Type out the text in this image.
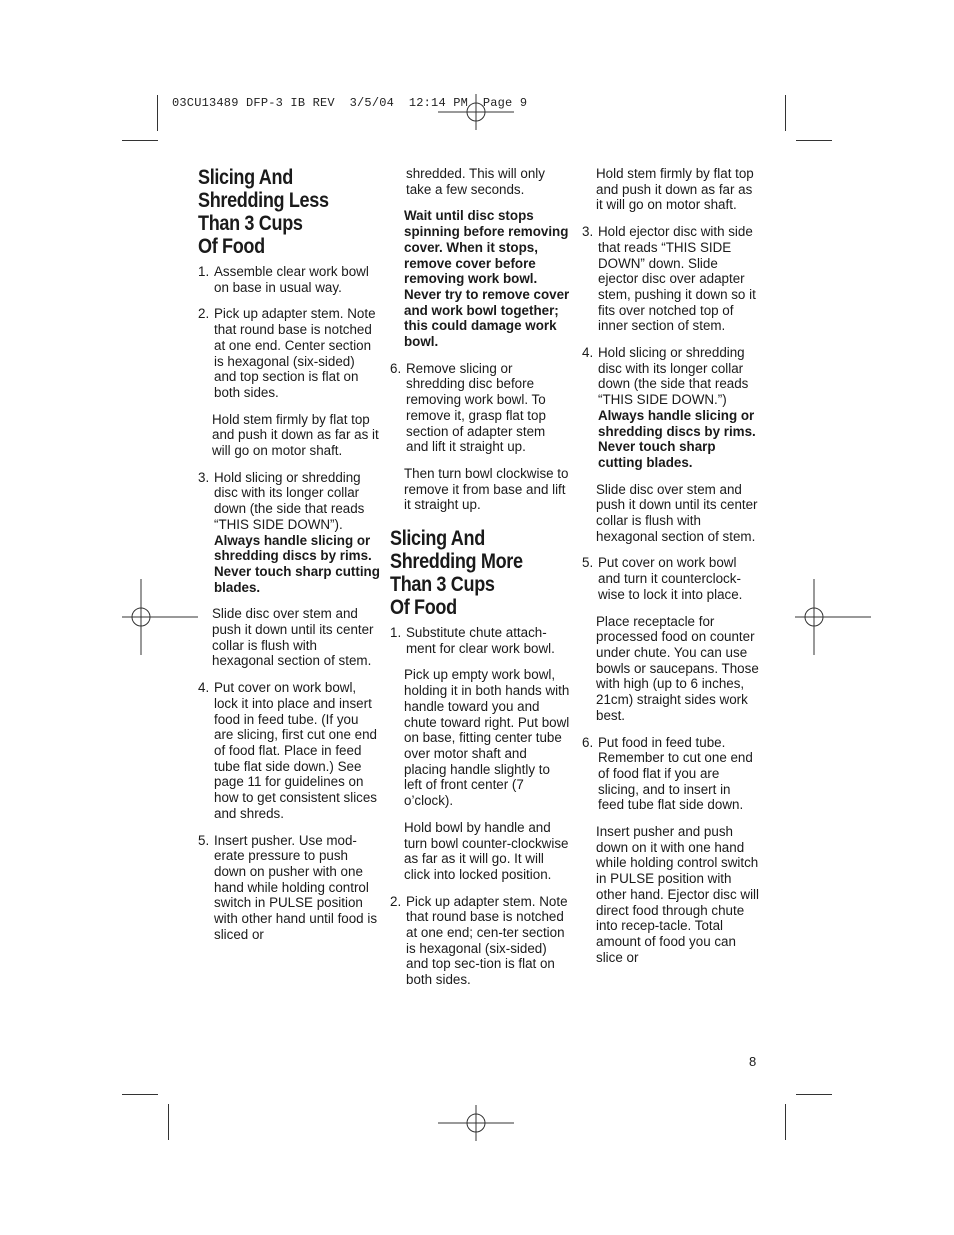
03CU13489 DFP-3 IB REV  3/5/04  12:14 PM  Page 9
Slicing And
Shredding Less
Than 3 Cups
Of Food
1. Assemble clear work bowl on base in usual way.
2. Pick up adapter stem. Note that round base is notched at one end. Center section is hexagonal (six-sided) and top section is flat on both sides.
Hold stem firmly by flat top and push it down as far as it will go on motor shaft.
3. Hold slicing or shredding disc with its longer collar down (the side that reads “THIS SIDE DOWN”). Always handle slicing or shredding discs by rims. Never touch sharp cutting blades.
Slide disc over stem and push it down until its center collar is flush with hexagonal section of stem.
4. Put cover on work bowl, lock it into place and insert food in feed tube. (If you are slicing, first cut one end of food flat. Place in feed tube flat side down.) See page 11 for guidelines on how to get consistent slices and shreds.
5. Insert pusher. Use mod-erate pressure to push down on pusher with one hand while holding control switch in PULSE position with other hand until food is sliced or
shredded. This will only take a few seconds.
Wait until disc stops spinning before removing cover. When it stops, remove cover before removing work bowl. Never try to remove cover and work bowl together; this could damage work bowl.
6. Remove slicing or shredding disc before removing work bowl. To remove it, grasp flat top section of adapter stem and lift it straight up.
Then turn bowl clockwise to remove it from base and lift it straight up.
Slicing And
Shredding More
Than 3 Cups
Of Food
1. Substitute chute attach-ment for clear work bowl.
Pick up empty work bowl, holding it in both hands with handle toward you and chute toward right. Put bowl on base, fitting center tube over motor shaft and placing handle slightly to left of front center (7 o’clock).
Hold bowl by handle and turn bowl counter-clockwise as far as it will go. It will click into locked position.
2. Pick up adapter stem. Note that round base is notched at one end; cen-ter section is hexagonal (six-sided) and top sec-tion is flat on both sides.
Hold stem firmly by flat top and push it down as far as it will go on motor shaft.
3. Hold ejector disc with side that reads “THIS SIDE DOWN” down. Slide ejector disc over adapter stem, pushing it down so it fits over notched top of inner section of stem.
4. Hold slicing or shredding disc with its longer collar down (the side that reads “THIS SIDE DOWN.”) Always handle slicing or shredding discs by rims. Never touch sharp cutting blades.
Slide disc over stem and push it down until its center collar is flush with hexagonal section of stem.
5. Put cover on work bowl and turn it counterclock-wise to lock it into place.
Place receptacle for processed food on counter under chute. You can use bowls or saucepans. Those with high (up to 6 inches, 21cm) straight sides work best.
6. Put food in feed tube. Remember to cut one end of food flat if you are slicing, and to insert in feed tube flat side down.
Insert pusher and push down on it with one hand while holding control switch in PULSE position with other hand. Ejector disc will direct food through chute into recep-tacle. Total amount of food you can slice or
8
